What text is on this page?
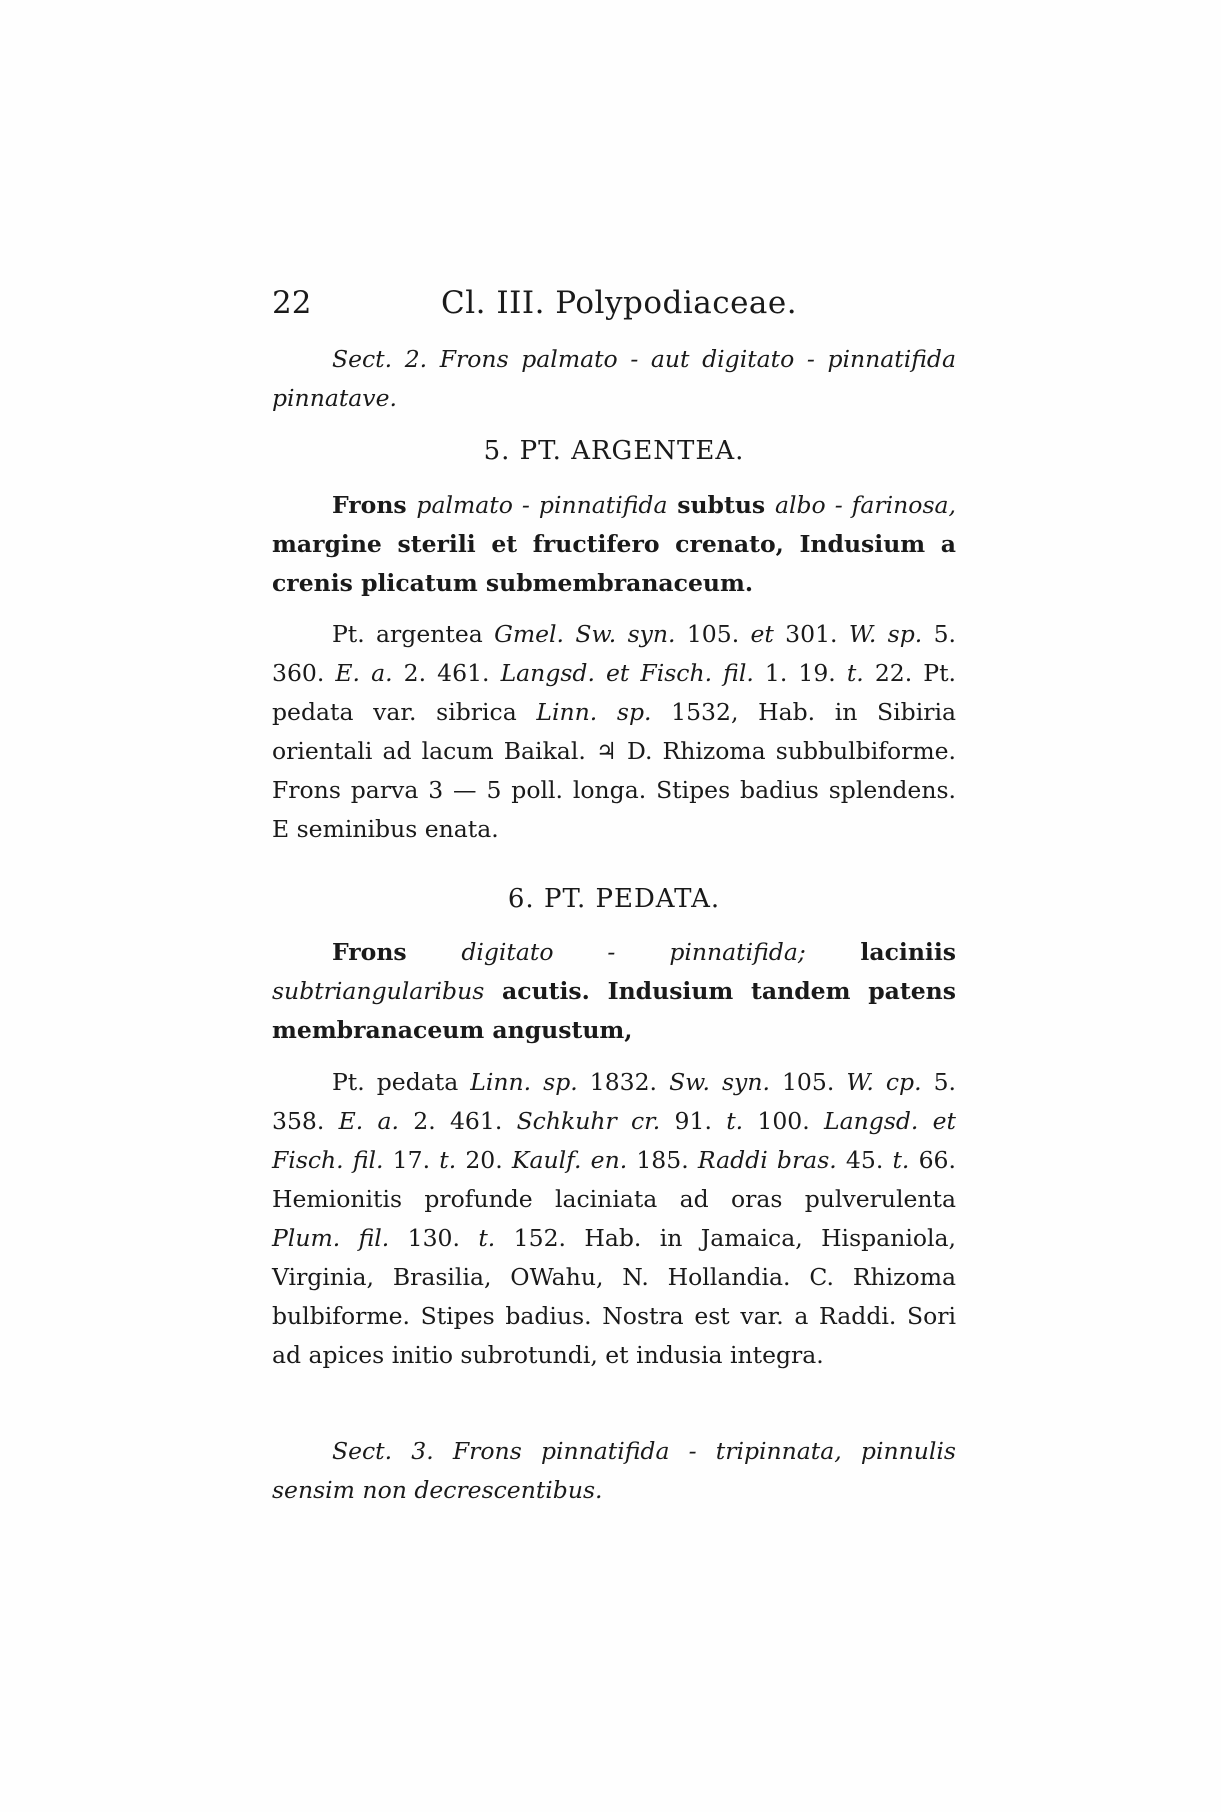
22	Cl. III. Polypodiaceae.

Sect. 2. Frons palmato - aut digitato - pinnatifida pinnatave.

5. PT. ARGENTEA.

Frons palmato - pinnatifida subtus albo - farinosa, margine sterili et fructifero crenato, Indusium a crenis plicatum submembranaceum.

Pt. argentea Gmel. Sw. syn. 105. et 301. W. sp. 5. 360. E. a. 2. 461. Langsd. et Fisch. fil. 1. 19. t. 22. Pt. pedata var. sibrica Linn. sp. 1532, Hab. in Sibiria orientali ad lacum Baikal. ♃ D. Rhizoma subbulbiforme. Frons parva 3 — 5 poll. longa. Stipes badius splendens. E seminibus enata.

6. PT. PEDATA.

Frons digitato - pinnatifida; laciniis subtriangularibus acutis. Indusium tandem patens membranaceum angustum,

Pt. pedata Linn. sp. 1832. Sw. syn. 105. W. cp. 5. 358. E. a. 2. 461. Schkuhr cr. 91. t. 100. Langsd. et Fisch. fil. 17. t. 20. Kaulf. en. 185. Raddi bras. 45. t. 66. Hemionitis profunde laciniata ad oras pulverulenta Plum. fil. 130. t. 152. Hab. in Jamaica, Hispaniola, Virginia, Brasilia, OWahu, N. Hollandia. C. Rhizoma bulbiforme. Stipes badius. Nostra est var. a Raddi. Sori ad apices initio subrotundi, et indusia integra.

Sect. 3. Frons pinnatifida - tripinnata, pinnulis sensim non decrescentibus.
